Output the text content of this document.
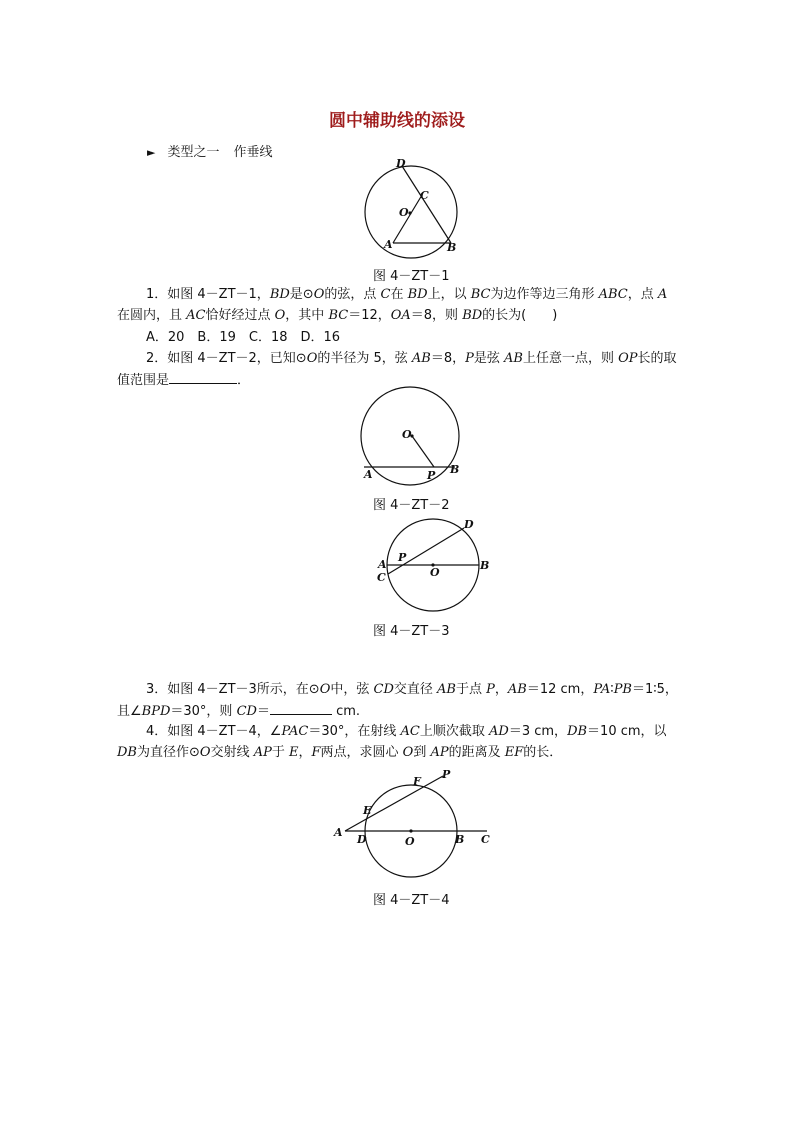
圆中辅助线的添设
► 类型之一 作垂线
D
C
O
A	B
图 4－ZT－1
1．如图 4－ZT－1，BD是⊙O的弦，点 C在 BD上，以 BC为边作等边三角形 ABC，点 A在圆内，且 AC恰好经过点 O，其中 BC＝12，OA＝8，则 BD的长为(　　)
A．20　B．19　C．18　D．16
2．如图 4－ZT－2，已知⊙O的半径为 5，弦 AB＝8，P是弦 AB上任意一点，则 OP长的取值范围是	．
O
A	P B
图 4－ZT－2
D
P
A
C	O
B
图 4－ZT－3
3．如图 4－ZT－3所示，在⊙O中，弦 CD交直径 AB于点 P，AB＝12 cm，PA∶PB＝1∶5，
且∠BPD＝30°，则 CD＝	cm.
4．如图 4－ZT－4，∠PAC＝30°，在射线 AC上顺次截取 AD＝3 cm，DB＝10 cm，以 DB为直径作⊙O交射线 AP于 E，F两点，求圆心 O到 AP的距离及 EF的长．
F
P
E
A
D	O	B C
图 4－ZT－4
